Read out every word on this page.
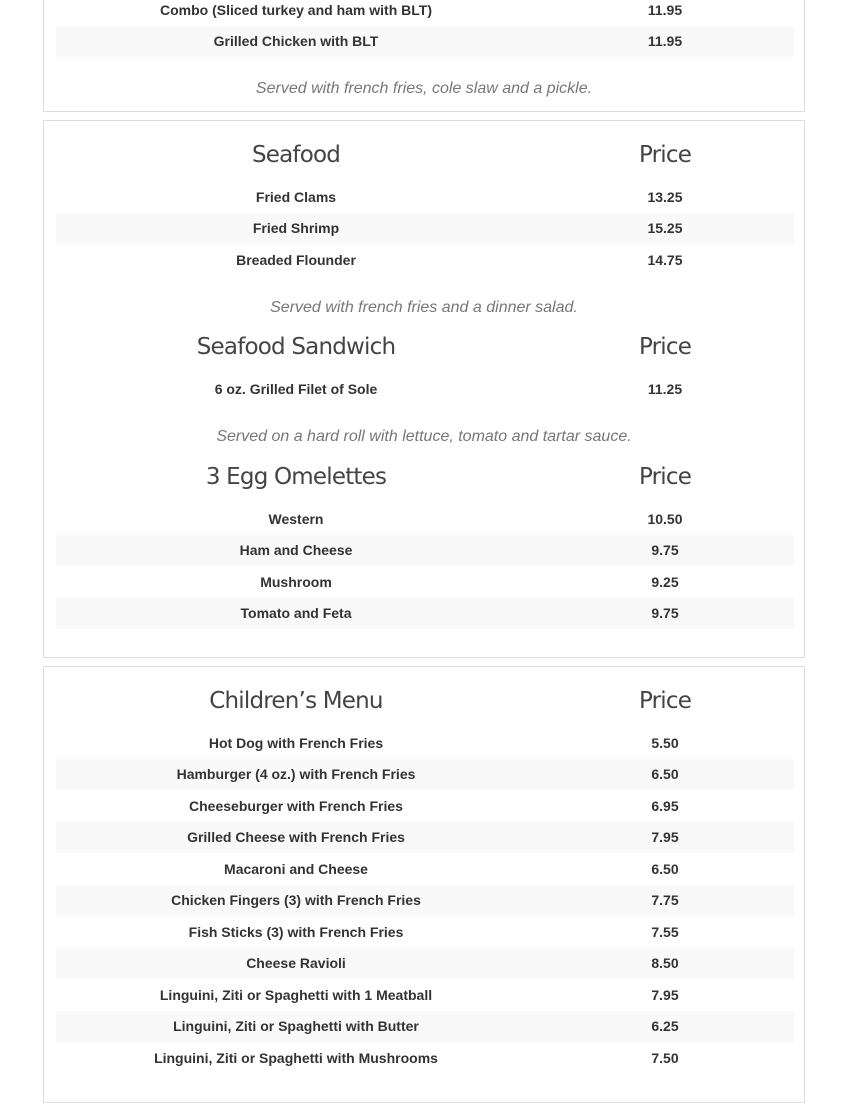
Combo (Sliced turkey and ham with BLT)	11.95
Grilled Chicken with BLT	11.95
Served with french fries, cole slaw and a pickle.
Seafood	Price
Fried Clams	13.25
Fried Shrimp	15.25
Breaded Flounder	14.75
Served with french fries and a dinner salad.
Seafood Sandwich	Price
6 oz. Grilled Filet of Sole	11.25
Served on a hard roll with lettuce, tomato and tartar sauce.
3 Egg Omelettes	Price
Western	10.50
Ham and Cheese	9.75
Mushroom	9.25
Tomato and Feta	9.75
Children’s Menu	Price
Hot Dog with French Fries	5.50
Hamburger (4 oz.) with French Fries	6.50
Cheeseburger with French Fries	6.95
Grilled Cheese with French Fries	7.95
Macaroni and Cheese	6.50
Chicken Fingers (3) with French Fries	7.75
Fish Sticks (3) with French Fries	7.55
Cheese Ravioli	8.50
Linguini, Ziti or Spaghetti with 1 Meatball	7.95
Linguini, Ziti or Spaghetti with Butter	6.25
Linguini, Ziti or Spaghetti with Mushrooms	7.50
